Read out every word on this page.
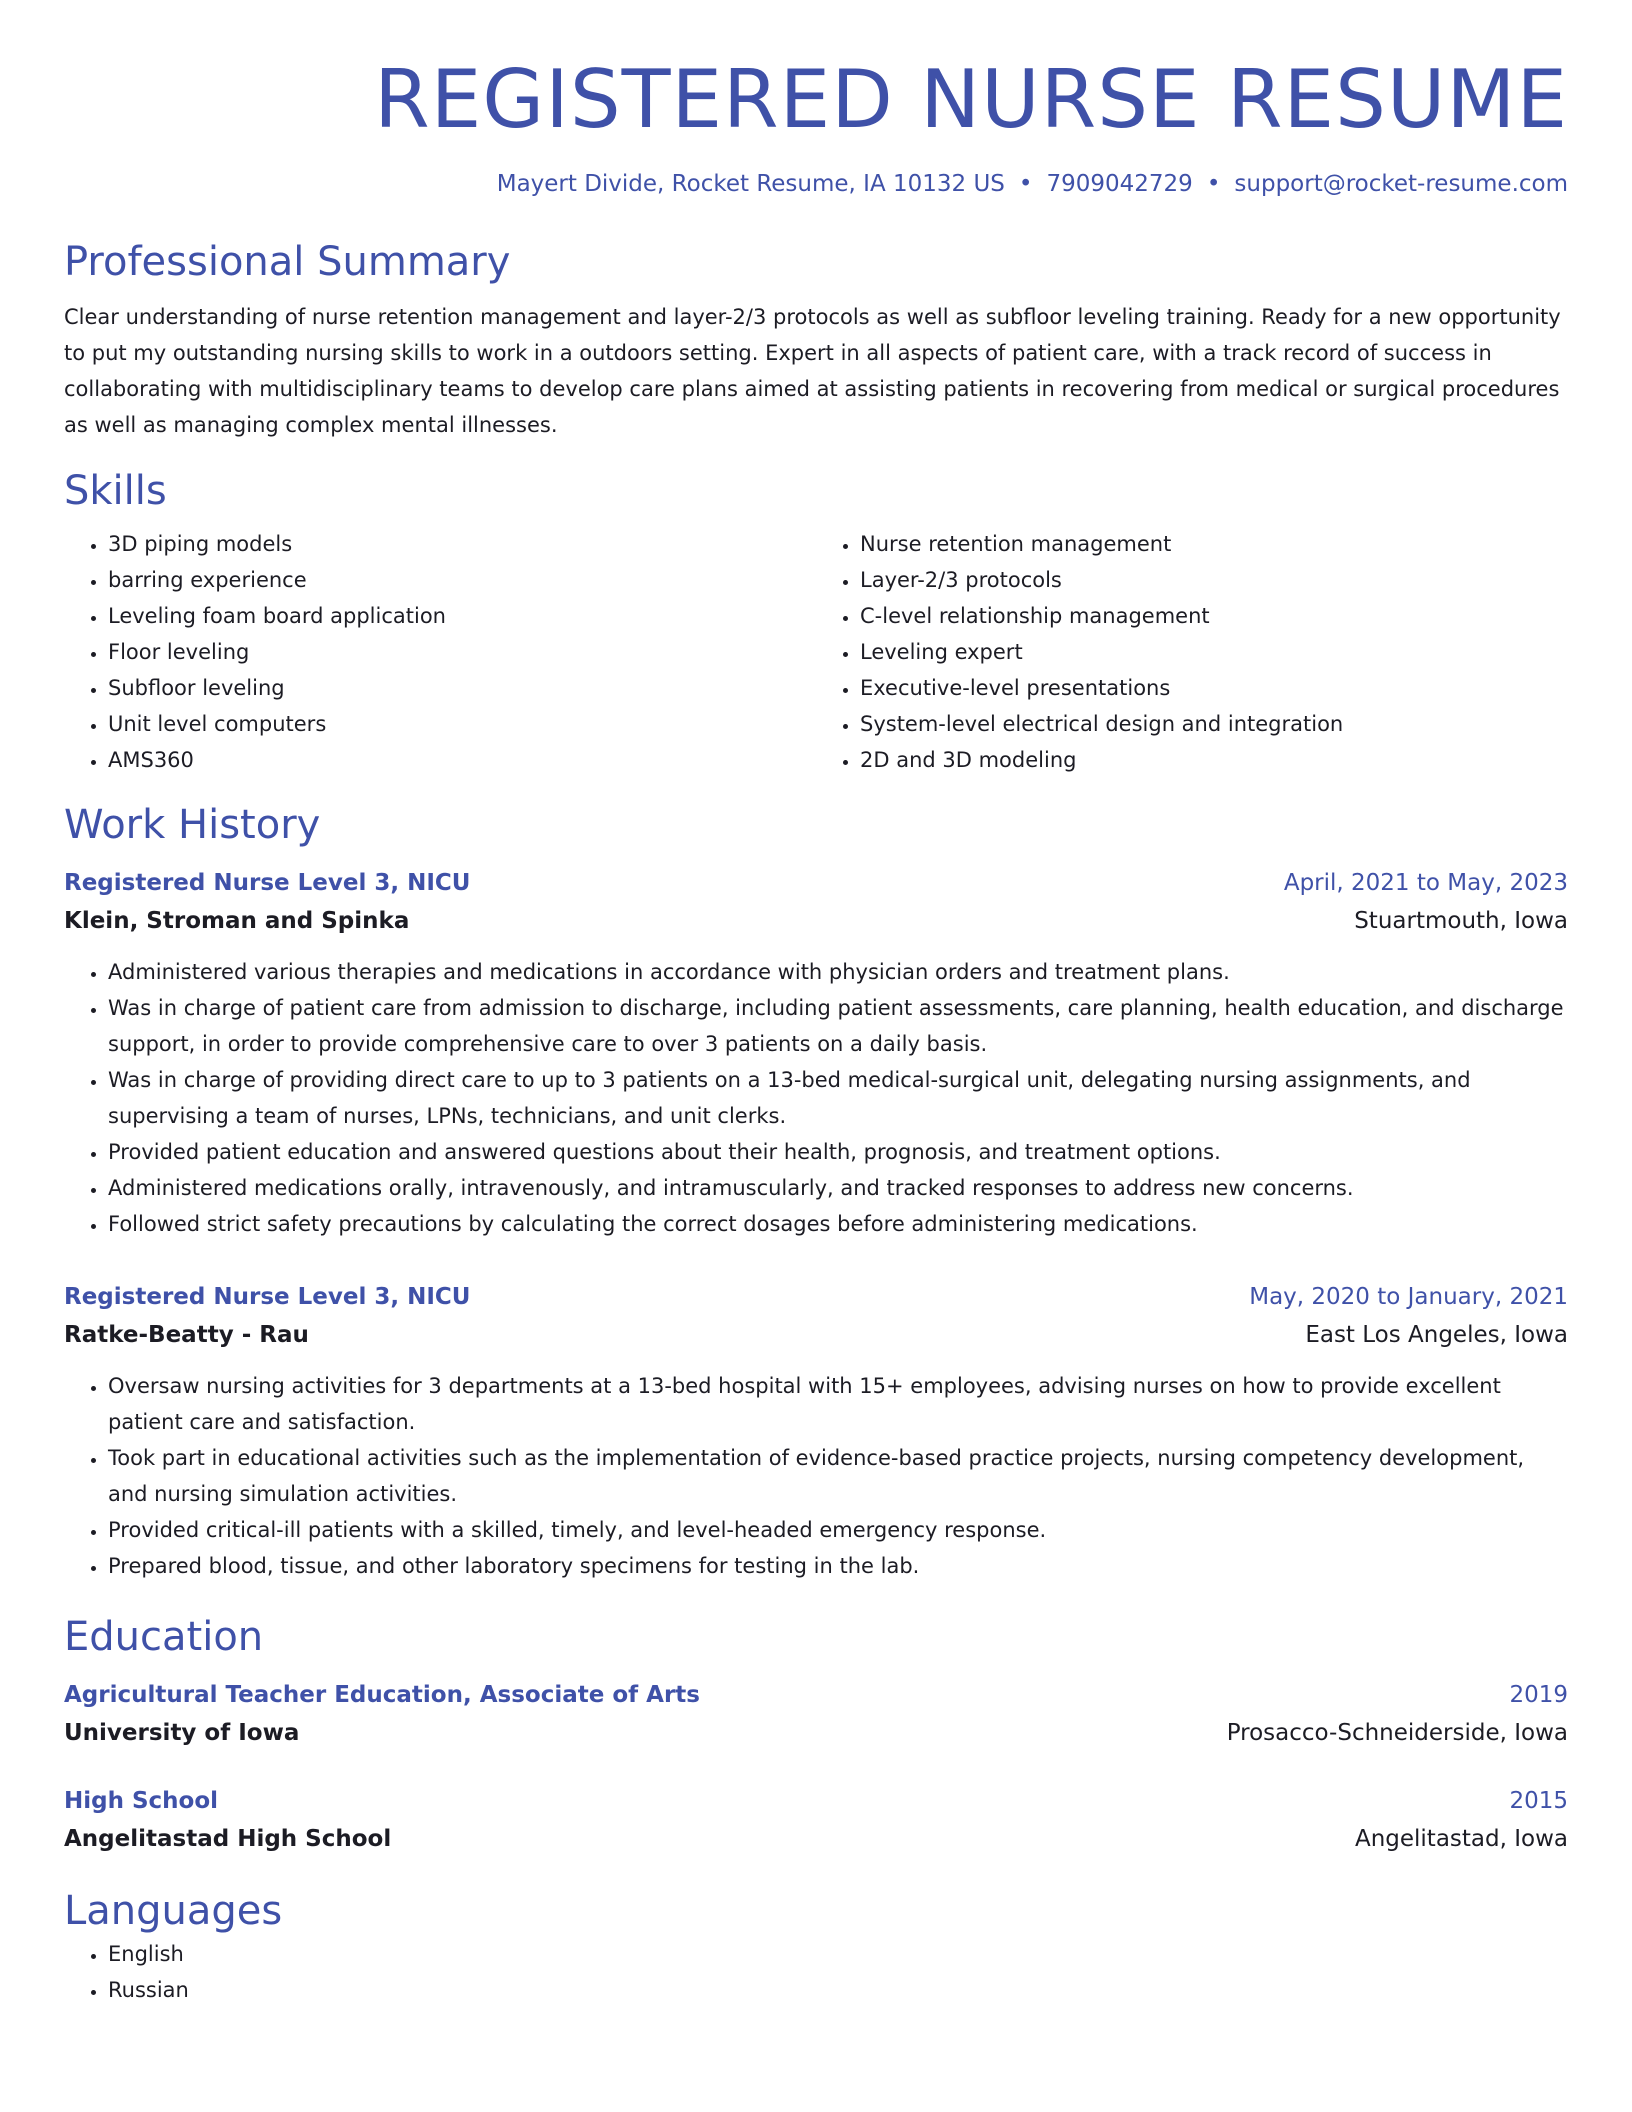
REGISTERED NURSE RESUME
Mayert Divide, Rocket Resume, IA 10132 US • 7909042729 • support@rocket-resume.com
Professional Summary
Clear understanding of nurse retention management and layer-2/3 protocols as well as subfloor leveling training. Ready for a new opportunity to put my outstanding nursing skills to work in a outdoors setting. Expert in all aspects of patient care, with a track record of success in collaborating with multidisciplinary teams to develop care plans aimed at assisting patients in recovering from medical or surgical procedures as well as managing complex mental illnesses.
Skills
• 3D piping models
• barring experience
• Leveling foam board application
• Floor leveling
• Subfloor leveling
• Unit level computers
• AMS360
• Nurse retention management
• Layer-2/3 protocols
• C-level relationship management
• Leveling expert
• Executive-level presentations
• System-level electrical design and integration
• 2D and 3D modeling
Work History
Registered Nurse Level 3, NICU	April, 2021 to May, 2023
Klein, Stroman and Spinka	Stuartmouth, Iowa
• Administered various therapies and medications in accordance with physician orders and treatment plans.
• Was in charge of patient care from admission to discharge, including patient assessments, care planning, health education, and discharge support, in order to provide comprehensive care to over 3 patients on a daily basis.
• Was in charge of providing direct care to up to 3 patients on a 13-bed medical-surgical unit, delegating nursing assignments, and supervising a team of nurses, LPNs, technicians, and unit clerks.
• Provided patient education and answered questions about their health, prognosis, and treatment options.
• Administered medications orally, intravenously, and intramuscularly, and tracked responses to address new concerns.
• Followed strict safety precautions by calculating the correct dosages before administering medications.
Registered Nurse Level 3, NICU	May, 2020 to January, 2021
Ratke-Beatty - Rau	East Los Angeles, Iowa
• Oversaw nursing activities for 3 departments at a 13-bed hospital with 15+ employees, advising nurses on how to provide excellent patient care and satisfaction.
• Took part in educational activities such as the implementation of evidence-based practice projects, nursing competency development, and nursing simulation activities.
• Provided critical-ill patients with a skilled, timely, and level-headed emergency response.
• Prepared blood, tissue, and other laboratory specimens for testing in the lab.
Education
Agricultural Teacher Education, Associate of Arts	2019
University of Iowa	Prosacco-Schneiderside, Iowa
High School	2015
Angelitastad High School	Angelitastad, Iowa
Languages
• English
• Russian
